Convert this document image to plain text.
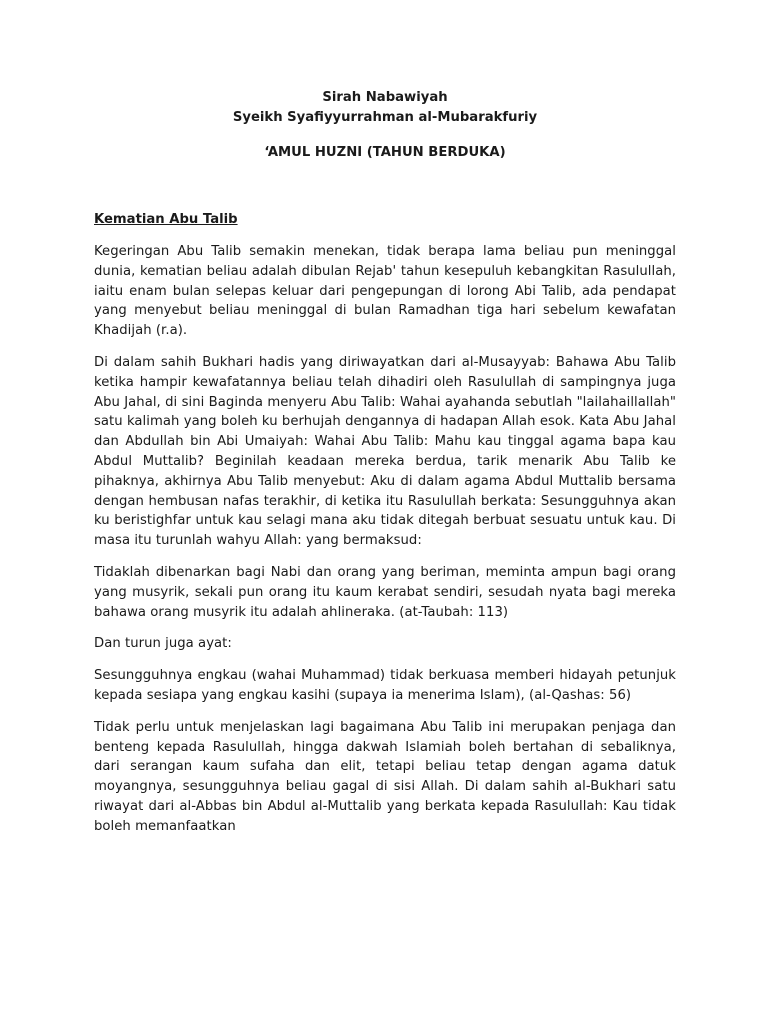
Sirah Nabawiyah

Syeikh Syafiyyurrahman al-Mubarakfuriy

‘AMUL HUZNI (TAHUN BERDUKA)

Kematian Abu Talib

Kegeringan Abu Talib semakin menekan, tidak berapa lama beliau pun meninggal dunia, kematian beliau adalah dibulan Rejab' tahun kesepuluh kebangkitan Rasulullah, iaitu enam bulan selepas keluar dari pengepungan di lorong Abi Talib, ada pendapat yang menyebut beliau meninggal di bulan Ramadhan tiga hari sebelum kewafatan Khadijah (r.a).

Di dalam sahih Bukhari hadis yang diriwayatkan dari al-Musayyab: Bahawa Abu Talib ketika hampir kewafatannya beliau telah dihadiri oleh Rasulullah di sampingnya juga Abu Jahal, di sini Baginda menyeru Abu Talib: Wahai ayahanda sebutlah "lailahaillallah" satu kalimah yang boleh ku berhujah dengannya di hadapan Allah esok. Kata Abu Jahal dan Abdullah bin Abi Umaiyah: Wahai Abu Talib: Mahu kau tinggal agama bapa kau Abdul Muttalib? Beginilah keadaan mereka berdua, tarik menarik Abu Talib ke pihaknya, akhirnya Abu Talib menyebut: Aku di dalam agama Abdul Muttalib bersama dengan hembusan nafas terakhir, di ketika itu Rasulullah berkata: Sesungguhnya akan ku beristighfar untuk kau selagi mana aku tidak ditegah berbuat sesuatu untuk kau. Di masa itu turunlah wahyu Allah: yang bermaksud:

Tidaklah dibenarkan bagi Nabi dan orang yang beriman, meminta ampun bagi orang yang musyrik, sekali pun orang itu kaum kerabat sendiri, sesudah nyata bagi mereka bahawa orang musyrik itu adalah ahlineraka. (at-Taubah: 113)

Dan turun juga ayat:

Sesungguhnya engkau (wahai Muhammad) tidak berkuasa memberi hidayah petunjuk kepada sesiapa yang engkau kasihi (supaya ia menerima Islam), (al-Qashas: 56)

Tidak perlu untuk menjelaskan lagi bagaimana Abu Talib ini merupakan penjaga dan benteng kepada Rasulullah, hingga dakwah Islamiah boleh bertahan di sebaliknya, dari serangan kaum sufaha dan elit, tetapi beliau tetap dengan agama datuk moyangnya, sesungguhnya beliau gagal di sisi Allah. Di dalam sahih al-Bukhari satu riwayat dari al-Abbas bin Abdul al-Muttalib yang berkata kepada Rasulullah: Kau tidak boleh memanfaatkan
